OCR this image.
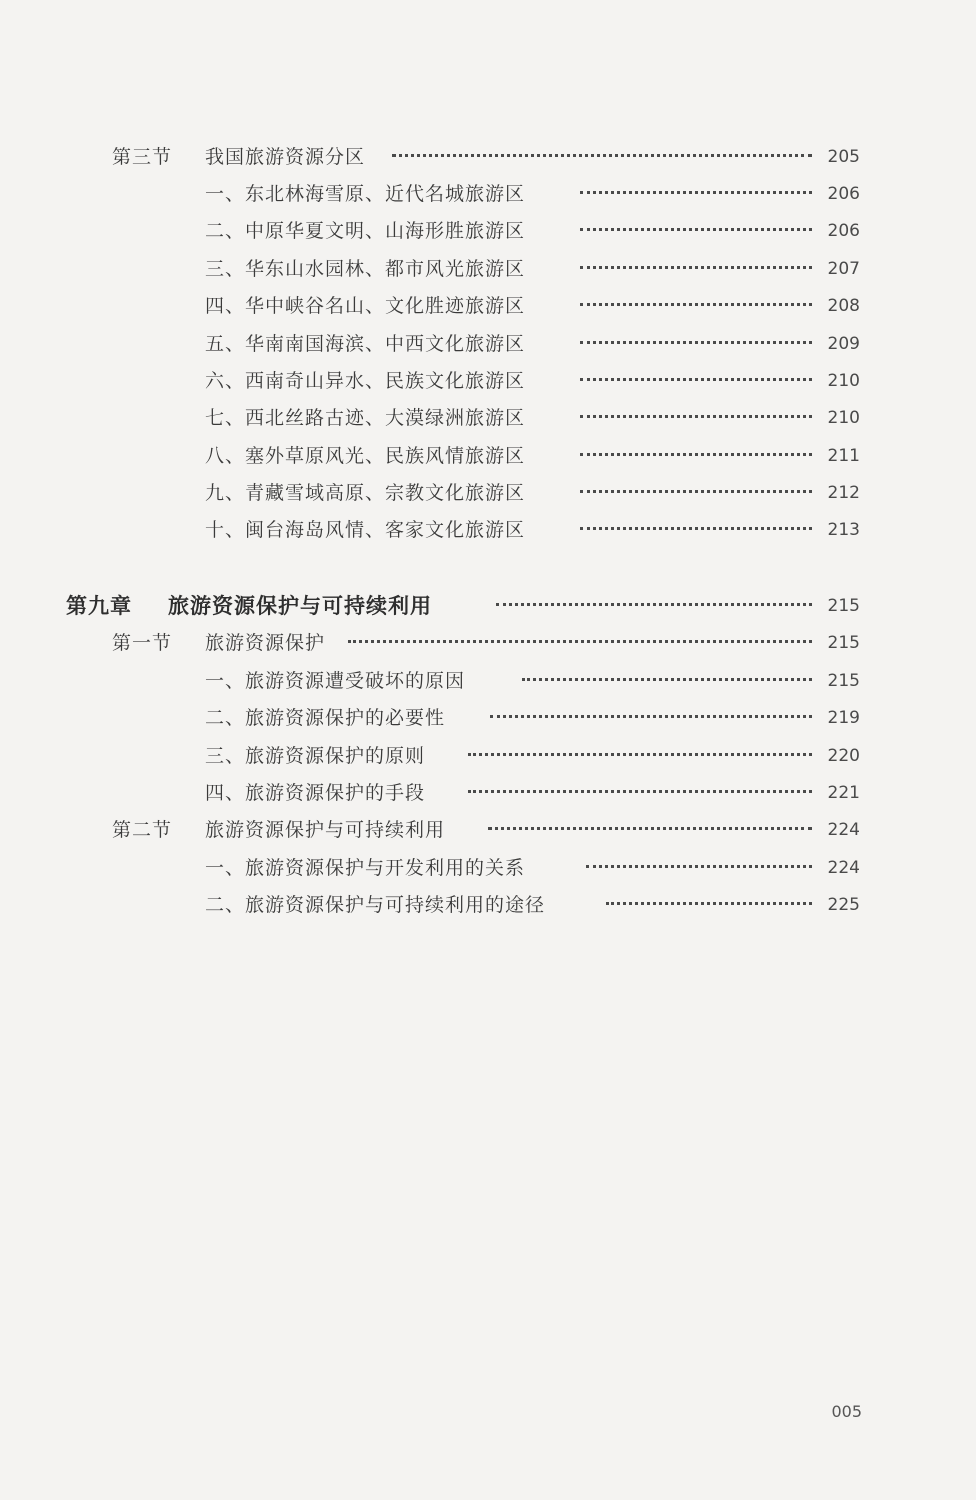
第三节 我国旅游资源分区	205
一、东北林海雪原、近代名城旅游区	206
二、中原华夏文明、山海形胜旅游区	206
三、华东山水园林、都市风光旅游区	207
四、华中峡谷名山、文化胜迹旅游区	208
五、华南南国海滨、中西文化旅游区	209
六、西南奇山异水、民族文化旅游区	210
七、西北丝路古迹、大漠绿洲旅游区	210
八、塞外草原风光、民族风情旅游区	211
九、青藏雪域高原、宗教文化旅游区	212
十、闽台海岛风情、客家文化旅游区	213
第九章 旅游资源保护与可持续利用	215
第一节 旅游资源保护	215
一、旅游资源遭受破坏的原因	215
二、旅游资源保护的必要性	219
三、旅游资源保护的原则	220
四、旅游资源保护的手段	221
第二节 旅游资源保护与可持续利用	224
一、旅游资源保护与开发利用的关系	224
二、旅游资源保护与可持续利用的途径	225
005
